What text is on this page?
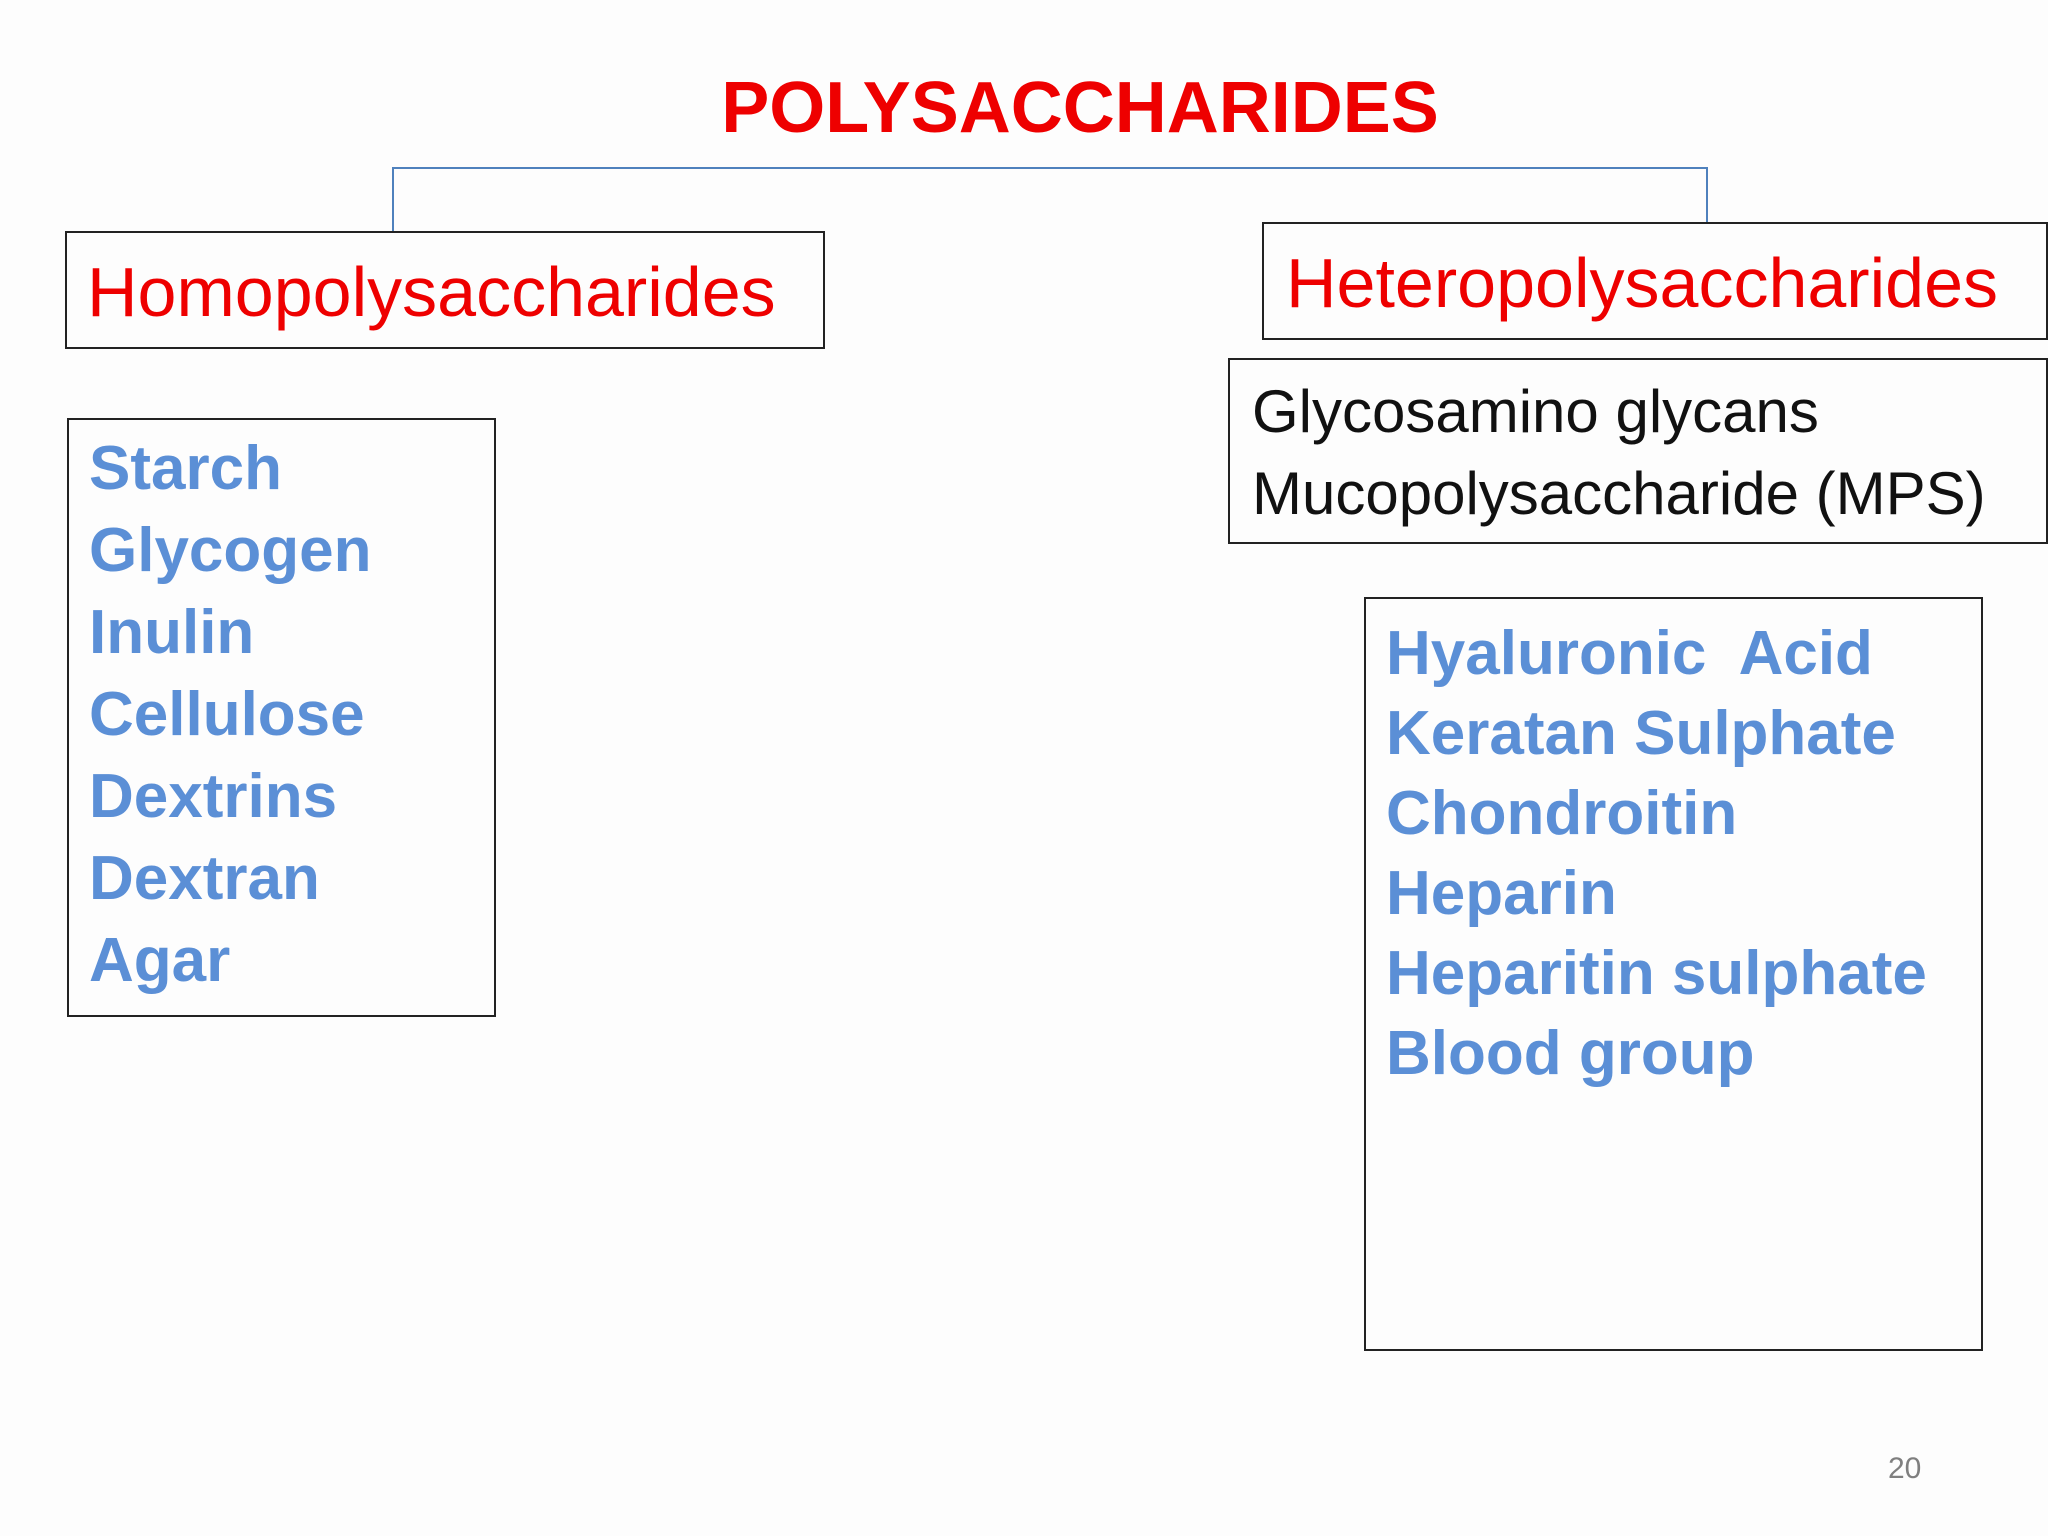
POLYSACCHARIDES
Homopolysaccharides	Heteropolysaccharides
Glycosamino glycans
Mucopolysaccharide (MPS)
Starch
Glycogen
Inulin
Cellulose
Dextrins
Dextran
Agar
Hyaluronic  Acid
Keratan Sulphate
Chondroitin
Heparin
Heparitin sulphate
Blood group
20
